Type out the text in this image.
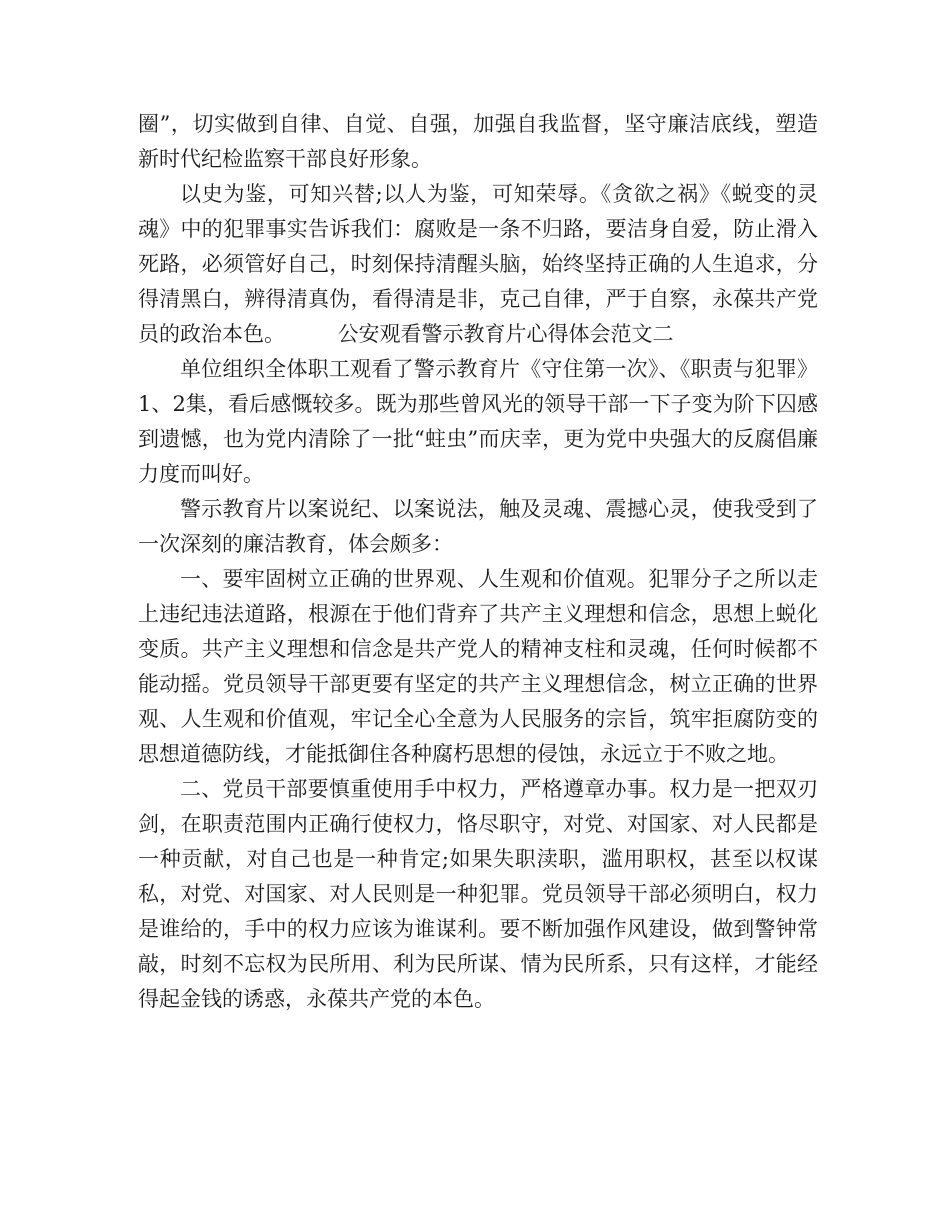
圈”，切实做到自律、自觉、自强，加强自我监督，坚守廉洁底线，塑造新时代纪检监察干部良好形象。

以史为鉴，可知兴替;以人为鉴，可知荣辱。《贪欲之祸》《蜕变的灵魂》中的犯罪事实告诉我们：腐败是一条不归路，要洁身自爱，防止滑入死路，必须管好自己，时刻保持清醒头脑，始终坚持正确的人生追求，分得清黑白，辨得清真伪，看得清是非，克己自律，严于自察，永葆共产党员的政治本色。　　　公安观看警示教育片心得体会范文二

单位组织全体职工观看了警示教育片《守住第一次》、《职责与犯罪》1、2集，看后感慨较多。既为那些曾风光的领导干部一下子变为阶下囚感到遗憾，也为党内清除了一批“蛀虫”而庆幸，更为党中央强大的反腐倡廉力度而叫好。

警示教育片以案说纪、以案说法，触及灵魂、震撼心灵，使我受到了一次深刻的廉洁教育，体会颇多：

一、要牢固树立正确的世界观、人生观和价值观。犯罪分子之所以走上违纪违法道路，根源在于他们背弃了共产主义理想和信念，思想上蜕化变质。共产主义理想和信念是共产党人的精神支柱和灵魂，任何时候都不能动摇。党员领导干部更要有坚定的共产主义理想信念，树立正确的世界观、人生观和价值观，牢记全心全意为人民服务的宗旨，筑牢拒腐防变的思想道德防线，才能抵御住各种腐朽思想的侵蚀，永远立于不败之地。

二、党员干部要慎重使用手中权力，严格遵章办事。权力是一把双刃剑，在职责范围内正确行使权力，恪尽职守，对党、对国家、对人民都是一种贡献，对自己也是一种肯定;如果失职渎职，滥用职权，甚至以权谋私，对党、对国家、对人民则是一种犯罪。党员领导干部必须明白，权力是谁给的，手中的权力应该为谁谋利。要不断加强作风建设，做到警钟常敲，时刻不忘权为民所用、利为民所谋、情为民所系，只有这样，才能经得起金钱的诱惑，永葆共产党的本色。
